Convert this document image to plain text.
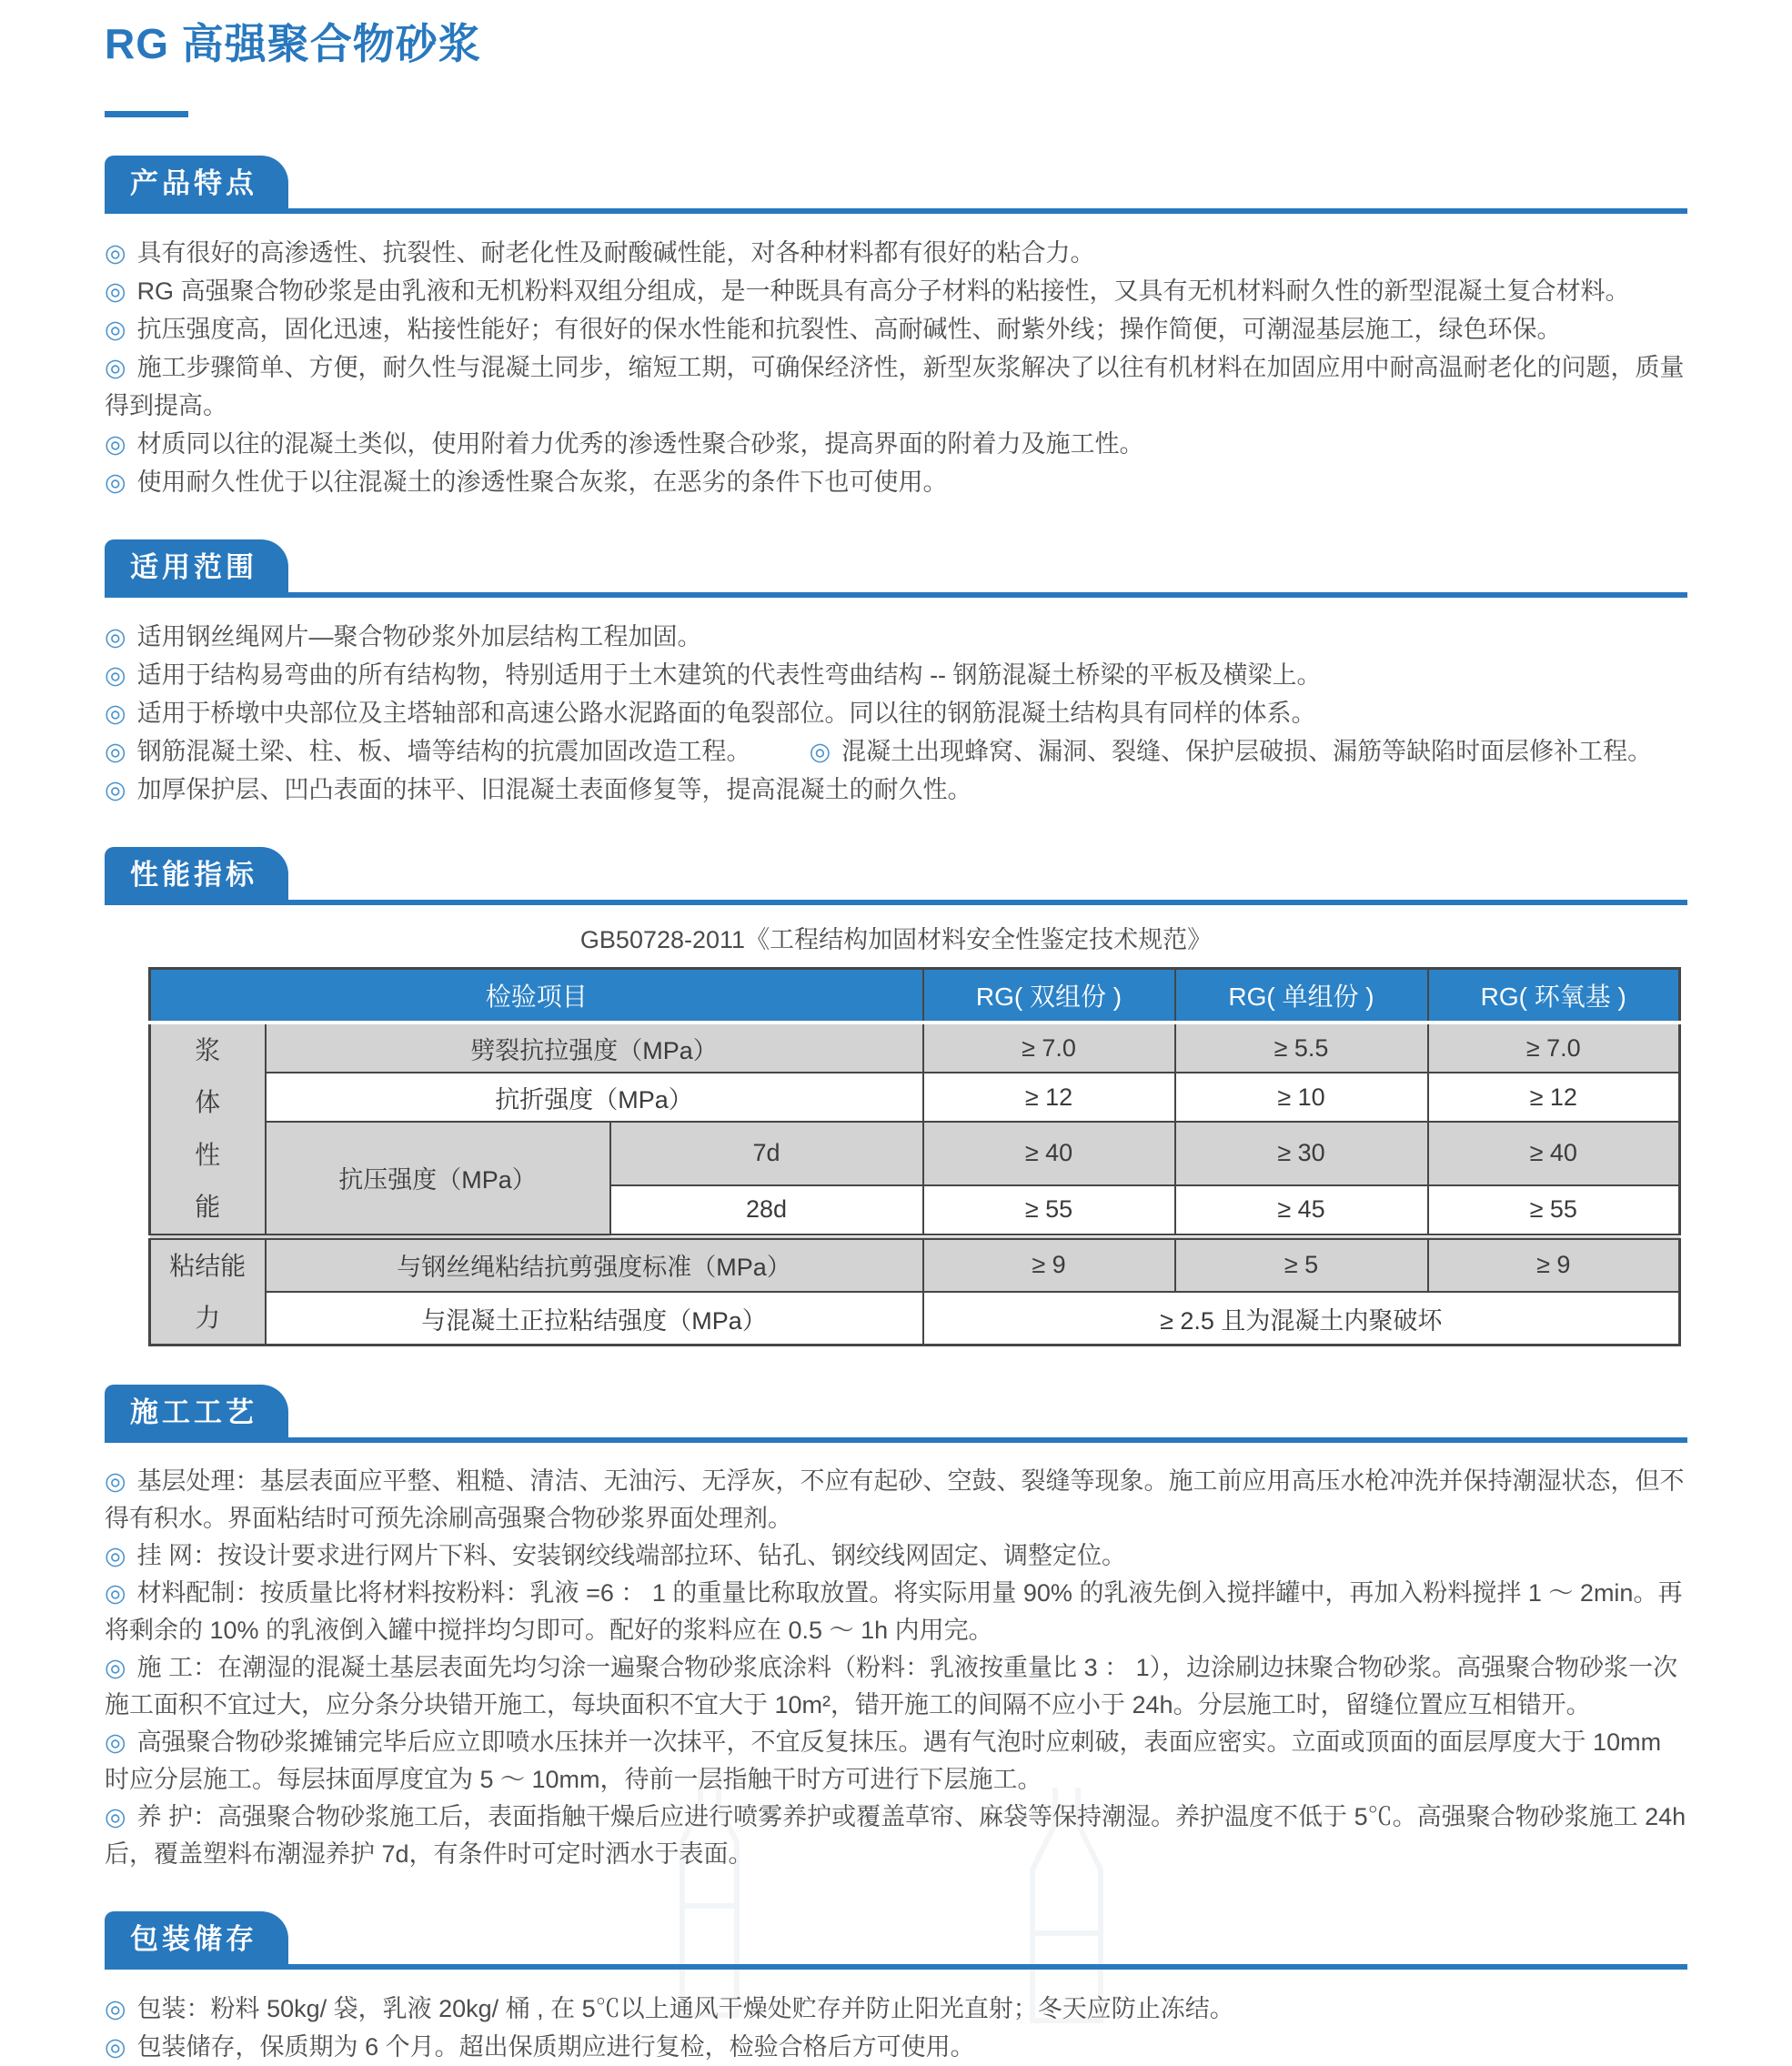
RG 高强聚合物砂浆
产品特点
◎ 具有很好的高渗透性、抗裂性、耐老化性及耐酸碱性能，对各种材料都有很好的粘合力。
◎ RG 高强聚合物砂浆是由乳液和无机粉料双组分组成，是一种既具有高分子材料的粘接性，又具有无机材料耐久性的新型混凝土复合材料。
◎ 抗压强度高，固化迅速，粘接性能好；有很好的保水性能和抗裂性、高耐碱性、耐紫外线；操作简便，可潮湿基层施工，绿色环保。
◎ 施工步骤简单、方便，耐久性与混凝土同步，缩短工期，可确保经济性，新型灰浆解决了以往有机材料在加固应用中耐高温耐老化的问题，质量得到提高。
◎ 材质同以往的混凝土类似，使用附着力优秀的渗透性聚合砂浆，提高界面的附着力及施工性。
◎ 使用耐久性优于以往混凝土的渗透性聚合灰浆，在恶劣的条件下也可使用。
适用范围
◎ 适用钢丝绳网片—聚合物砂浆外加层结构工程加固。
◎ 适用于结构易弯曲的所有结构物，特别适用于土木建筑的代表性弯曲结构 -- 钢筋混凝土桥梁的平板及横梁上。
◎ 适用于桥墩中央部位及主塔轴部和高速公路水泥路面的龟裂部位。同以往的钢筋混凝土结构具有同样的体系。
◎ 钢筋混凝土梁、柱、板、墙等结构的抗震加固改造工程。 ◎ 混凝土出现蜂窝、漏洞、裂缝、保护层破损、漏筋等缺陷时面层修补工程。
◎ 加厚保护层、凹凸表面的抹平、旧混凝土表面修复等，提高混凝土的耐久性。
性能指标
GB50728-2011《工程结构加固材料安全性鉴定技术规范》
检验项目			RG( 双组份 )	RG( 单组份 )	RG( 环氧基 )
浆体性能	劈裂抗拉强度（MPa）		≥ 7.0	≥ 5.5	≥ 7.0
	抗折强度（MPa）		≥ 12	≥ 10	≥ 12
	抗压强度（MPa）	7d	≥ 40	≥ 30	≥ 40
		28d	≥ 55	≥ 45	≥ 55
粘结能力	与钢丝绳粘结抗剪强度标准（MPa）		≥ 9	≥ 5	≥ 9
	与混凝土正拉粘结强度（MPa）		≥ 2.5 且为混凝土内聚破坏		
施工工艺
◎ 基层处理：基层表面应平整、粗糙、清洁、无油污、无浮灰，不应有起砂、空鼓、裂缝等现象。施工前应用高压水枪冲洗并保持潮湿状态，但不得有积水。界面粘结时可预先涂刷高强聚合物砂浆界面处理剂。
◎ 挂 网：按设计要求进行网片下料、安装钢绞线端部拉环、钻孔、钢绞线网固定、调整定位。
◎ 材料配制：按质量比将材料按粉料：乳液 =6 ： 1 的重量比称取放置。将实际用量 90% 的乳液先倒入搅拌罐中，再加入粉料搅拌 1 ～ 2min。再将剩余的 10% 的乳液倒入罐中搅拌均匀即可。配好的浆料应在 0.5 ～ 1h 内用完。
◎ 施 工：在潮湿的混凝土基层表面先均匀涂一遍聚合物砂浆底涂料（粉料：乳液按重量比 3 ： 1），边涂刷边抹聚合物砂浆。高强聚合物砂浆一次施工面积不宜过大，应分条分块错开施工，每块面积不宜大于 10m²，错开施工的间隔不应小于 24h。分层施工时，留缝位置应互相错开。
◎ 高强聚合物砂浆摊铺完毕后应立即喷水压抹并一次抹平，不宜反复抹压。遇有气泡时应刺破，表面应密实。立面或顶面的面层厚度大于 10mm 时应分层施工。每层抹面厚度宜为 5 ～ 10mm，待前一层指触干时方可进行下层施工。
◎ 养 护：高强聚合物砂浆施工后，表面指触干燥后应进行喷雾养护或覆盖草帘、麻袋等保持潮湿。养护温度不低于 5℃。高强聚合物砂浆施工 24h 后，覆盖塑料布潮湿养护 7d，有条件时可定时洒水于表面。
包装储存
◎ 包装：粉料 50kg/ 袋，乳液 20kg/ 桶 , 在 5℃以上通风干燥处贮存并防止阳光直射；冬天应防止冻结。
◎ 包装储存，保质期为 6 个月。超出保质期应进行复检，检验合格后方可使用。
